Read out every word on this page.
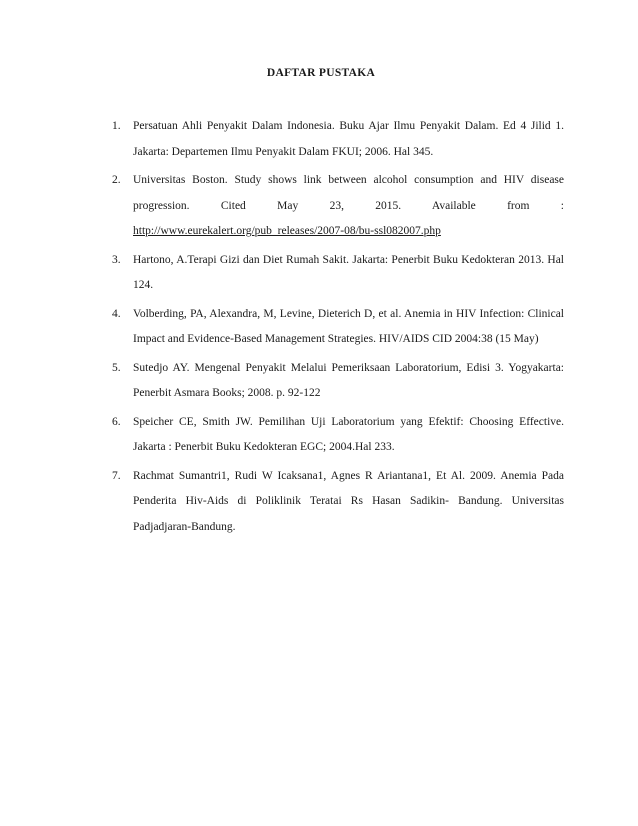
DAFTAR PUSTAKA
1. Persatuan Ahli Penyakit Dalam Indonesia. Buku Ajar Ilmu Penyakit Dalam. Ed 4 Jilid 1. Jakarta: Departemen Ilmu Penyakit Dalam FKUI; 2006. Hal 345.
2. Universitas Boston. Study shows link between alcohol consumption and HIV disease
progression. Cited May 23, 2015. Available from :
http://www.eurekalert.org/pub_releases/2007-08/bu-ssl082007.php
3. Hartono, A.Terapi Gizi dan Diet Rumah Sakit. Jakarta: Penerbit Buku Kedokteran 2013. Hal 124.
4. Volberding, PA, Alexandra, M, Levine, Dieterich D, et al. Anemia in HIV Infection: Clinical Impact and Evidence-Based Management Strategies. HIV/AIDS CID 2004:38 (15 May)
5. Sutedjo AY. Mengenal Penyakit Melalui Pemeriksaan Laboratorium, Edisi 3. Yogyakarta: Penerbit Asmara Books; 2008. p. 92-122
6. Speicher CE, Smith JW. Pemilihan Uji Laboratorium yang Efektif: Choosing Effective. Jakarta : Penerbit Buku Kedokteran EGC; 2004.Hal 233.
7. Rachmat Sumantri1, Rudi W Icaksana1, Agnes R Ariantana1, Et Al. 2009. Anemia Pada Penderita Hiv-Aids di Poliklinik Teratai Rs Hasan Sadikin- Bandung. Universitas Padjadjaran-Bandung.
